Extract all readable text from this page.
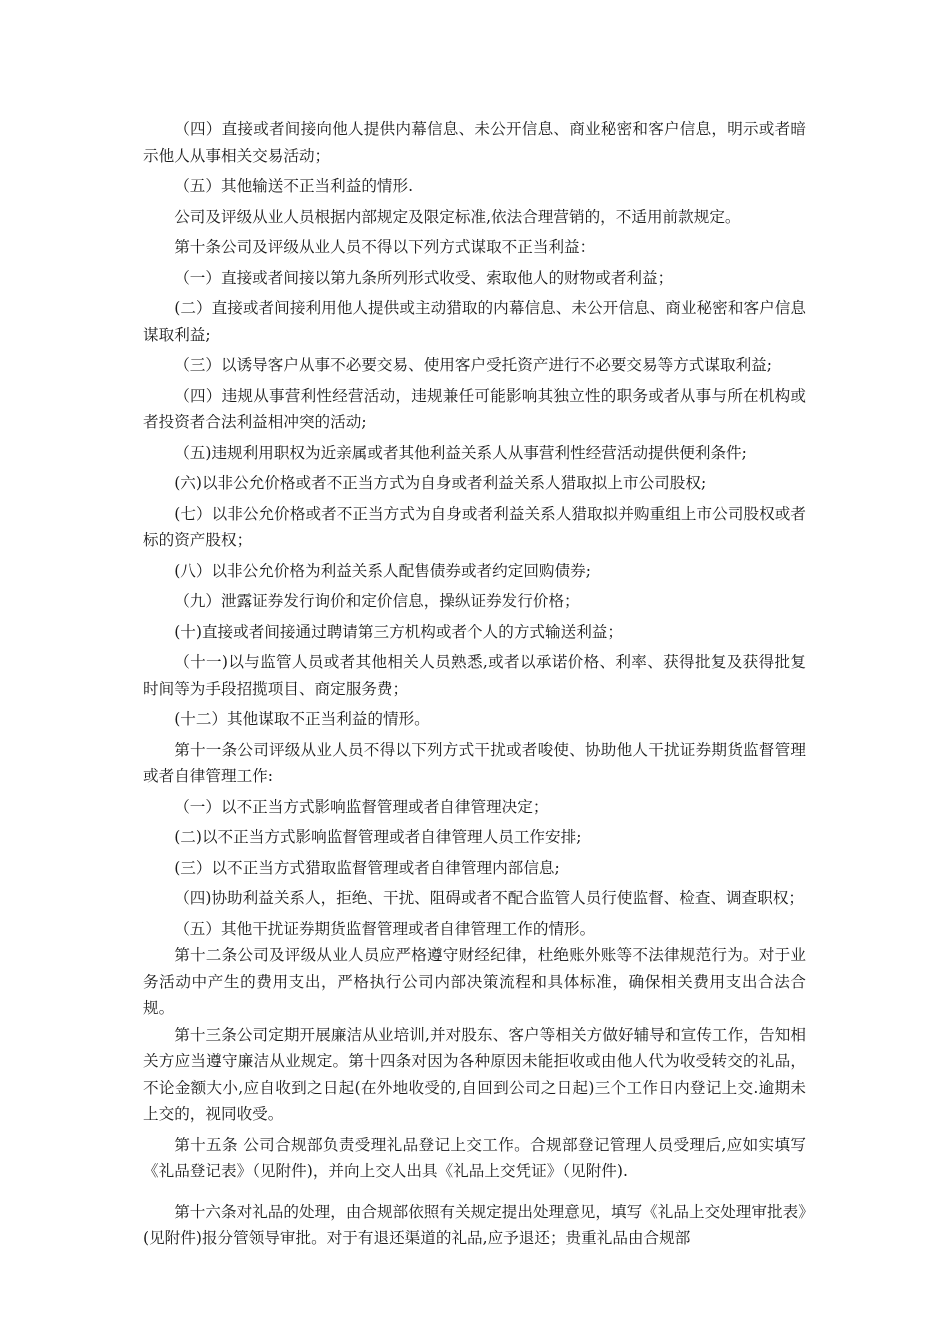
（四）直接或者间接向他人提供内幕信息、未公开信息、商业秘密和客户信息，明示或者暗示他人从事相关交易活动；

（五）其他输送不正当利益的情形.

公司及评级从业人员根据内部规定及限定标准,依法合理营销的，不适用前款规定。

第十条公司及评级从业人员不得以下列方式谋取不正当利益：

（一）直接或者间接以第九条所列形式收受、索取他人的财物或者利益；

(二）直接或者间接利用他人提供或主动猎取的内幕信息、未公开信息、商业秘密和客户信息谋取利益;

（三）以诱导客户从事不必要交易、使用客户受托资产进行不必要交易等方式谋取利益;

（四）违规从事营利性经营活动，违规兼任可能影响其独立性的职务或者从事与所在机构或者投资者合法利益相冲突的活动;

（五)违规利用职权为近亲属或者其他利益关系人从事营利性经营活动提供便利条件;

(六)以非公允价格或者不正当方式为自身或者利益关系人猎取拟上市公司股权;

(七）以非公允价格或者不正当方式为自身或者利益关系人猎取拟并购重组上市公司股权或者标的资产股权；

(八）以非公允价格为利益关系人配售债券或者约定回购债券;

（九）泄露证券发行询价和定价信息，操纵证券发行价格；

(十)直接或者间接通过聘请第三方机构或者个人的方式输送利益；

（十一)以与监管人员或者其他相关人员熟悉,或者以承诺价格、利率、获得批复及获得批复时间等为手段招揽项目、商定服务费；

(十二）其他谋取不正当利益的情形。

第十一条公司评级从业人员不得以下列方式干扰或者唆使、协助他人干扰证券期货监督管理或者自律管理工作:

（一）以不正当方式影响监督管理或者自律管理决定；

(二)以不正当方式影响监督管理或者自律管理人员工作安排;

(三）以不正当方式猎取监督管理或者自律管理内部信息;

（四)协助利益关系人，拒绝、干扰、阻碍或者不配合监管人员行使监督、检查、调查职权；

（五）其他干扰证券期货监督管理或者自律管理工作的情形。

第十二条公司及评级从业人员应严格遵守财经纪律，杜绝账外账等不法律规范行为。对于业务活动中产生的费用支出，严格执行公司内部决策流程和具体标准，确保相关费用支出合法合规。

第十三条公司定期开展廉洁从业培训,并对股东、客户等相关方做好辅导和宣传工作，告知相关方应当遵守廉洁从业规定。第十四条对因为各种原因未能拒收或由他人代为收受转交的礼品，不论金额大小,应自收到之日起(在外地收受的,自回到公司之日起)三个工作日内登记上交.逾期未上交的，视同收受。

第十五条 公司合规部负责受理礼品登记上交工作。合规部登记管理人员受理后,应如实填写《礼品登记表》（见附件)，并向上交人出具《礼品上交凭证》（见附件).

第十六条对礼品的处理，由合规部依照有关规定提出处理意见，填写《礼品上交处理审批表》(见附件)报分管领导审批。对于有退还渠道的礼品,应予退还；贵重礼品由合规部
